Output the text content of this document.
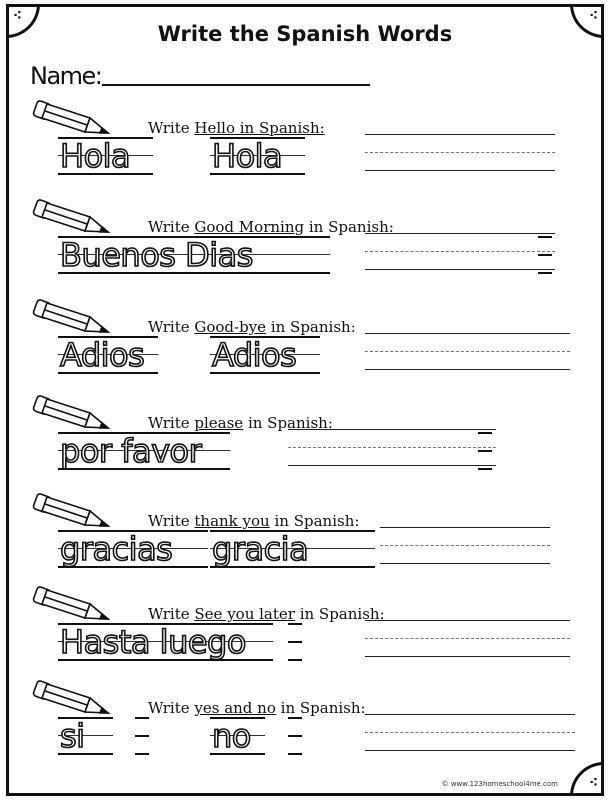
⁖	⁖
⁖
Write the Spanish Words
Name:
Write Hello in Spanish:
Hola	Hola
Write Good Morning in Spanish:
Buenos Dias
Write Good-bye in Spanish:
Adios Adios
Write please in Spanish:
por favor
Write thank you in Spanish:
gracias gracia
Write See you later in Spanish:
Hasta luego
Write yes and no in Spanish:
si	no
© www.123homeschool4me.com
